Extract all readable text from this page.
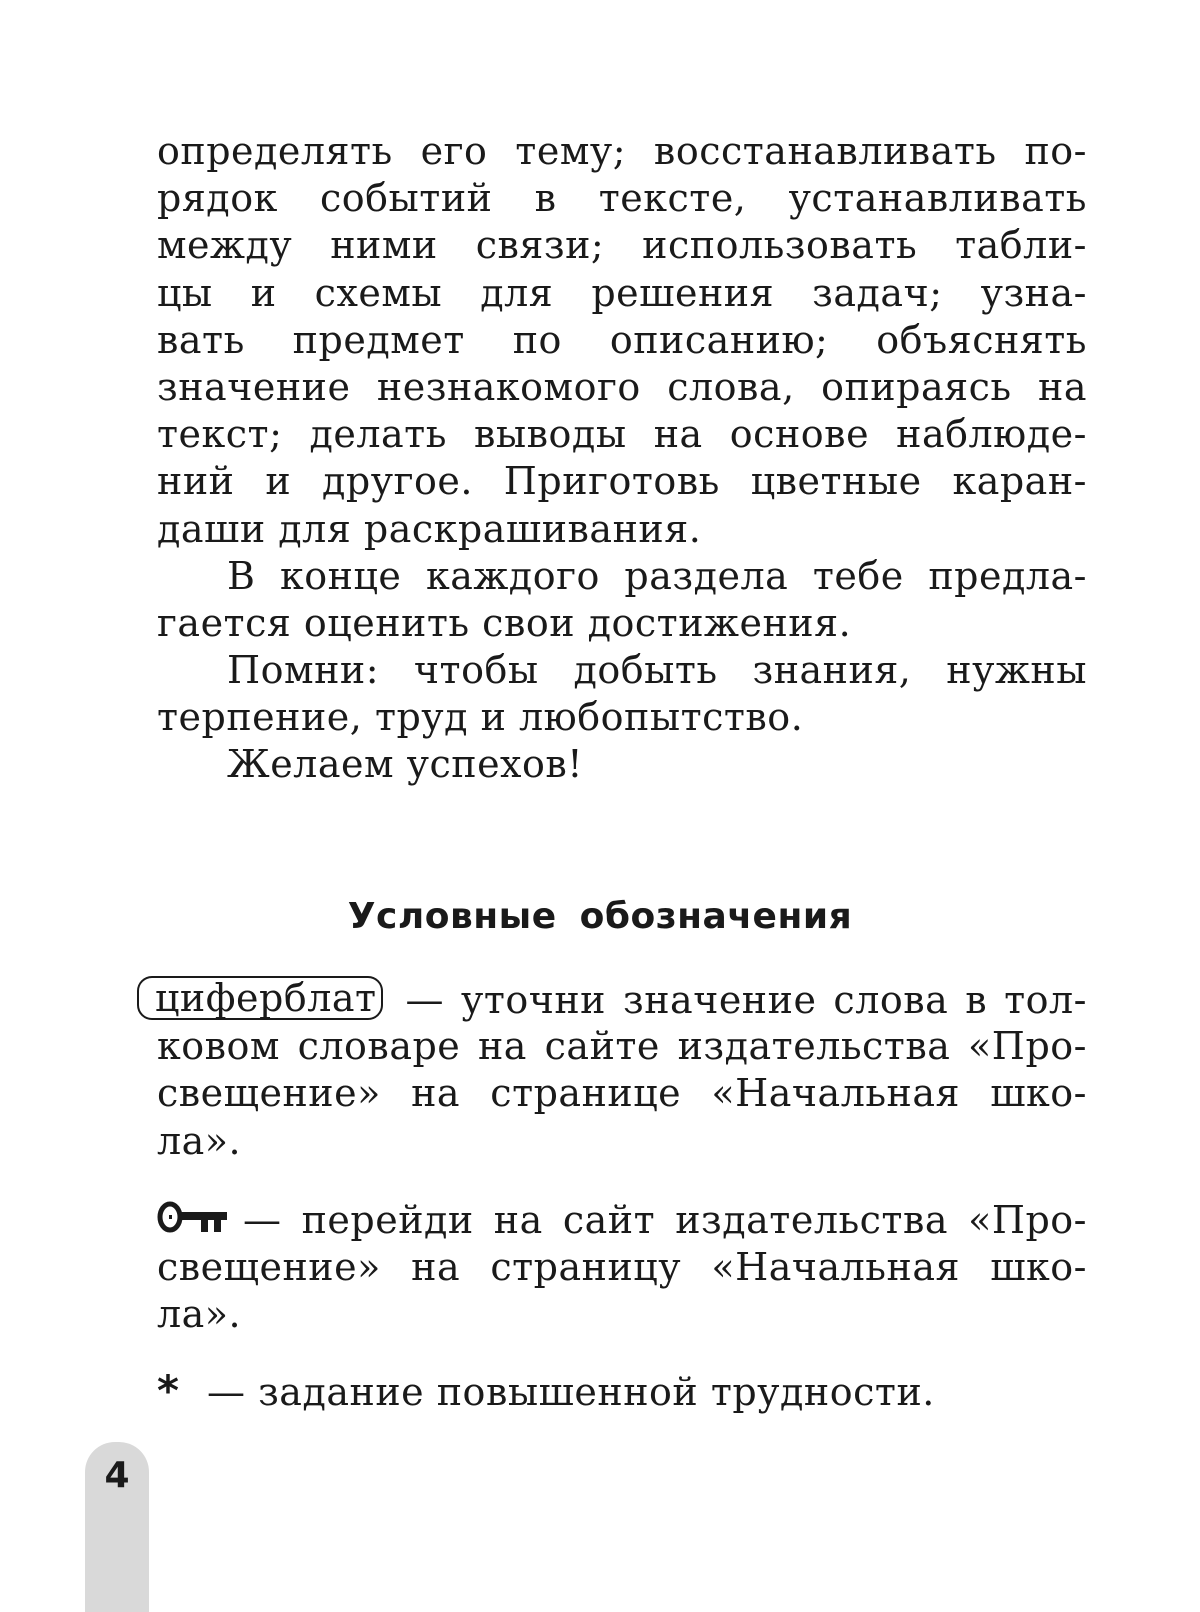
определять его тему; восстанавливать по-
рядок событий в тексте, устанавливать
между ними связи; использовать табли-
цы и схемы для решения задач; узна-
вать предмет по описанию; объяснять
значение незнакомого слова, опираясь на
текст; делать выводы на основе наблюде-
ний и другое. Приготовь цветные каран-
даши для раскрашивания.
В конце каждого раздела тебе предла-
гается оценить свои достижения.
Помни: чтобы добыть знания, нужны
терпение, труд и любопытство.
Желаем успехов!
Условные обозначения
циферблат — уточни значение слова в тол-
ковом словаре на сайте издательства «Про-
свещение» на странице «Начальная шко-
ла».
— перейди на сайт издательства «Про-
свещение» на страницу «Начальная шко-
ла».
* — задание повышенной трудности.
4
